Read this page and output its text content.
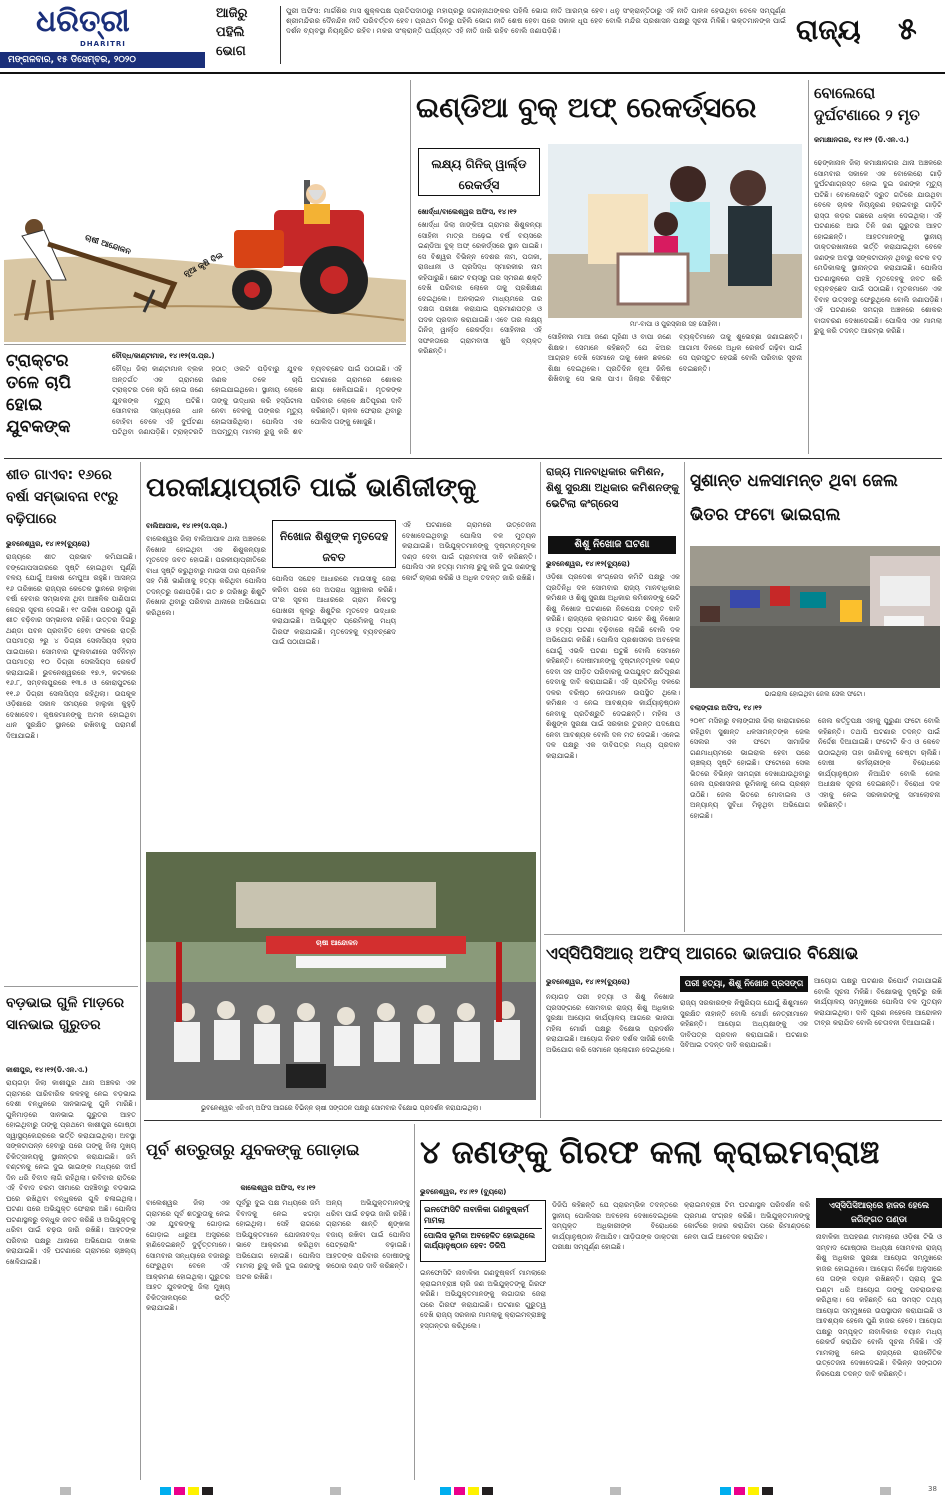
ଧରିତ୍ରୀ
DHARITRI
ମଙ୍ଗଳବାର, ୧୫ ଡିସେମ୍ବର, ୨୦୨୦
ଆଜିରୁ
ପହିଲି
ଭୋଗ
ପୁରୀ ଅଫିସ: ମାର୍ଗଶିର ମାସ ଶୁକ୍ଳପକ୍ଷ ପ୍ରତିପଦାଠାରୁ ମହାପ୍ରଭୁ ଜଗନ୍ନାଥଙ୍କର ପହିଲି ଭୋଗ ନୀତି ଆରମ୍ଭ ହେବ। ଧନୁ ସଂକ୍ରାନ୍ତିଠାରୁ ଏହି ନୀତି ପାଳନ ହେଉଥିବା ବେଳେ ସମ୍ପୂର୍ଣ୍ଣ ଶ୍ରୀମନ୍ଦିରର ଦୈନନ୍ଦିନ ନୀତି ପରିବର୍ତ୍ତନ ହେବ। ପ୍ରଥମ ଦିନରୁ ପହିଲି ଭୋଗ ନୀତି ଶେଷ ହେବା ପରେ ସକାଳ ଧୂପ ହେବ ବୋଲି ମନ୍ଦିର ପ୍ରଶାସନ ପକ୍ଷରୁ ସୂଚନା ମିଳିଛି। ଭକ୍ତମାନଙ୍କ ପାଇଁ ଦର୍ଶନ ବ୍ୟବସ୍ଥା ନିୟନ୍ତ୍ରିତ ରହିବ। ମକର ସଂକ୍ରାନ୍ତି ପର୍ଯ୍ୟନ୍ତ ଏହି ନୀତି ଜାରି ରହିବ ବୋଲି ଜଣାପଡ଼ିଛି।	ରାଜ୍ୟ ୫
ଚାଷୀ ଆନ୍ଦୋଳନ
ନୂଆ କୃଷି ବିଲ
ଟ୍ରାକ୍ଟର ତଳେ ଚାପି ହୋଇ ଯୁବକଙ୍କ
ବୌଦ୍ଧ/କାଣ୍ଟାମାଳ, ୧୪।୧୨(ସ.ପ୍ର.)
ବୌଦ୍ଧ ଜିଲା କାଣ୍ଟାମାଳ ବ୍ଲକ ଅନ୍ତର୍ଗତ ଏକ ଗ୍ରାମରେ ଟ୍ରାକ୍ଟର ତଳେ ଚାପି ହୋଇ ଜଣେ ଯୁବକଙ୍କ ମୃତ୍ୟୁ ଘଟିଛି। ସୋମବାର ସନ୍ଧ୍ୟାରେ ଧାନ ବୋହିବା ବେଳେ ଏହି ଦୁର୍ଘଟଣା ଘଟିଥିବା ଜଣାପଡ଼ିଛି। ଟ୍ରାକ୍ଟରଟି ହଠାତ୍ ଓଲଟି ପଡ଼ିବାରୁ ଯୁବକ ଜଣକ ତଳେ ଚାପି ହୋଇଯାଇଥିଲେ। ସ୍ଥାନୀୟ ଲୋକେ ତାଙ୍କୁ ଉଦ୍ଧାର କରି ହସ୍ପିଟାଲ ନେବା ବେଳକୁ ତାଙ୍କର ମୃତ୍ୟୁ ହୋଇସାରିଥିଲା। ପୋଲିସ ଏକ ଅପମୃତ୍ୟୁ ମାମଲା ରୁଜୁ କରି ଶବ ବ୍ୟବଚ୍ଛେଦ ପାଇଁ ପଠାଇଛି। ଏହି ଘଟଣାରେ ଗ୍ରାମରେ ଶୋକର ଛାୟା ଖେଳିଯାଇଛି। ମୃତକଙ୍କ ପରିବାର ଲୋକେ କ୍ଷତିପୂରଣ ଦାବି କରିଛନ୍ତି। ଚାଳକ ଫେରାର ଥିବାରୁ ପୋଲିସ ତାଙ୍କୁ ଖୋଜୁଛି।
ଇଣ୍ଡିଆ ବୁକ୍ ଅଫ୍ ରେକର୍ଡ୍ସରେ
ଲକ୍ଷ୍ୟ ଗିନିଜ୍ ୱାର୍ଲ୍ଡ ରେକର୍ଡ୍ସ
ଖୋର୍ଦ୍ଧା/ବାଲେଶ୍ୱର ଅଫିସ, ୧୪।୧୨
ଖୋର୍ଦ୍ଧା ଜିଲା ଜାଙ୍କିଆ ଗ୍ରାମର ଶିଶୁକନ୍ୟା ସୋହିନୀ ମାତ୍ର ଅଢ଼େଇ ବର୍ଷ ବୟସରେ ଇଣ୍ଡିଆ ବୁକ୍ ଅଫ୍ ରେକର୍ଡ୍ସରେ ସ୍ଥାନ ପାଇଛି। ସେ ବିଶ୍ୱର ବିଭିନ୍ନ ଦେଶର ନାମ, ପତାକା, ରାଜଧାନୀ ଓ ପ୍ରସିଦ୍ଧ ସ୍ମାରକୀର ନାମ କହିପାରୁଛି। ଛୋଟ ବୟସରୁ ତାର ସ୍ମରଣ ଶକ୍ତି ଦେଖି ପରିବାର ଲୋକେ ତାକୁ ପ୍ରଶିକ୍ଷଣ ଦେଇଥିଲେ। ଅନଲାଇନ ମାଧ୍ୟମରେ ତାର ଦକ୍ଷତା ପରୀକ୍ଷା କରାଯାଇ ପ୍ରମାଣପତ୍ର ଓ ପଦକ ପ୍ରଦାନ କରାଯାଇଛି। ଏବେ ତାର ଲକ୍ଷ୍ୟ ଗିନିଜ୍ ୱାର୍ଲ୍ଡ ରେକର୍ଡ୍ସ। ସୋହିନୀର ଏହି ସଫଳତାରେ ଗ୍ରାମବାସୀ ଖୁସି ବ୍ୟକ୍ତ କରିଛନ୍ତି।
ମା'-ବାପା ଓ ପୁରସ୍କାର ସହ ସୋହିନୀ।
ସୋହିନୀର ମାଆ ଜଣେ ଗୃହିଣୀ ଓ ବାପା ଜଣେ ଶିକ୍ଷକ। ସେମାନେ କହିଛନ୍ତି ଯେ ଝିଅର ଆଗ୍ରହ ଦେଖି ସେମାନେ ତାକୁ ଖେଳ ଛଳରେ ଶିକ୍ଷା ଦେଇଥିଲେ। ପ୍ରତିଦିନ ନୂଆ ଜିନିଷ ଶିଖିବାକୁ ସେ ଭଲ ପାଏ। ଜିଲାର ବିଶିଷ୍ଟ ବ୍ୟକ୍ତିମାନେ ତାକୁ ଶୁଭେଚ୍ଛା ଜଣାଇଛନ୍ତି। ଆଗାମୀ ଦିନରେ ଅଧିକ ରେକର୍ଡ ଗଢ଼ିବା ପାଇଁ ସେ ପ୍ରସ୍ତୁତ ହେଉଛି ବୋଲି ପରିବାର ସୂଚନା ଦେଇଛନ୍ତି।
ବୋଲେରୋ ଦୁର୍ଘଟଣାରେ ୨ ମୃତ
କମାକ୍ଷାନଗର, ୧୪।୧୨ (ଡି.ଏନ.ଏ.)
ଢେଙ୍କାନାଳ ଜିଲା କମାକ୍ଷାନଗର ଥାନା ଅଞ୍ଚଳରେ ସୋମବାର ସକାଳେ ଏକ ବୋଲେରୋ ଗାଡ଼ି ଦୁର୍ଘଟଣାଗ୍ରସ୍ତ ହୋଇ ଦୁଇ ଜଣଙ୍କ ମୃତ୍ୟୁ ଘଟିଛି। ବୋଲେରୋଟି ଦ୍ରୁତ ଗତିରେ ଯାଉଥିବା ବେଳେ ଚାଳକ ନିୟନ୍ତ୍ରଣ ହରାଇବାରୁ ଗାଡ଼ିଟି ରାସ୍ତା କଡ଼ର ଗଛରେ ଧକ୍କା ଦେଇଥିଲା। ଏହି ଘଟଣାରେ ଆଉ ତିନି ଜଣ ଗୁରୁତର ଆହତ ହୋଇଛନ୍ତି। ଆହତମାନଙ୍କୁ ସ୍ଥାନୀୟ ଡାକ୍ତରଖାନାରେ ଭର୍ତ୍ତି କରାଯାଇଥିବା ବେଳେ ଜଣଙ୍କ ଅବସ୍ଥା ସଙ୍କଟାପନ୍ନ ଥିବାରୁ କଟକ ବଡ଼ ମେଡିକାଲକୁ ସ୍ଥାନାନ୍ତର କରାଯାଇଛି। ପୋଲିସ ଘଟଣାସ୍ଥଳରେ ପହଞ୍ଚି ମୃତଦେହକୁ ଜବତ କରି ବ୍ୟବଚ୍ଛେଦ ପାଇଁ ପଠାଇଛି। ମୃତକମାନେ ଏକ ବିବାହ ଉତ୍ସବରୁ ଫେରୁଥିଲେ ବୋଲି ଜଣାପଡ଼ିଛି। ଏହି ଘଟଣାରେ ସମଗ୍ର ଅଞ୍ଚଳରେ ଶୋକର ବାତାବରଣ ଦେଖାଦେଇଛି। ପୋଲିସ ଏକ ମାମଲା ରୁଜୁ କରି ତଦନ୍ତ ଆରମ୍ଭ କରିଛି।
ଶୀତ ଗାଏବ: ୧୬ରେ ବର୍ଷା ସମ୍ଭାବନା ୧୯ରୁ ବଢ଼ିପାରେ
ଭୁବନେଶ୍ୱର, ୧୪।୧୨(ବ୍ୟୁରୋ)
ରାଜ୍ୟରେ ଶୀତ ପ୍ରଭାବ କମିଯାଇଛି। ବଙ୍ଗୋପସାଗରରେ ସୃଷ୍ଟି ହୋଇଥିବା ଘୂର୍ଣ୍ଣି ବଳୟ ଯୋଗୁଁ ଆକାଶ ମେଘୁଆ ରହୁଛି। ଆସନ୍ତା ୧୬ ତାରିଖରେ ରାଜ୍ୟର କେତେକ ସ୍ଥାନରେ ହାଲୁକା ବର୍ଷା ହେବାର ସମ୍ଭାବନା ଥିବା ଆଞ୍ଚଳିକ ପାଣିପାଗ କେନ୍ଦ୍ର ସୂଚନା ଦେଇଛି। ୧୯ ତାରିଖ ପରଠାରୁ ପୁଣି ଶୀତ ବଢ଼ିବାର ସମ୍ଭାବନା ରହିଛି। ଉତ୍ତର ଦିଗରୁ ଥଣ୍ଡା ପବନ ପ୍ରବାହିତ ହେବା ଫଳରେ ରାତ୍ରି ତାପମାତ୍ରା ୨ରୁ ୪ ଡିଗ୍ରୀ ସେଲସିୟସ ହ୍ରାସ ପାଇପାରେ। ସୋମବାର ଫୁଲବାଣୀରେ ସର୍ବନିମ୍ନ ତାପମାତ୍ରା ୧୦ ଡିଗ୍ରୀ ସେଲସିୟସ ରେକର୍ଡ କରାଯାଇଛି। ଭୁବନେଶ୍ୱରରେ ୧୭.୨, କଟକରେ ୧୬.୮, ସମ୍ବଲପୁରରେ ୧୩.୫ ଓ କୋରାପୁଟରେ ୧୧.୬ ଡିଗ୍ରୀ ସେଲସିୟସ ରହିଥିଲା। ଉପକୂଳ ଓଡ଼ିଶାରେ ସକାଳ ସମୟରେ ହାଲୁକା କୁହୁଡ଼ି ଦେଖାଦେବ। କୃଷକମାନଙ୍କୁ ଅମଳ ହୋଇଥିବା ଧାନ ସୁରକ୍ଷିତ ସ୍ଥାନରେ ରଖିବାକୁ ପରାମର୍ଶ ଦିଆଯାଇଛି।
ବଡ଼ଭାଇ ଗୁଳି ମାଡ଼ରେ ସାନଭାଇ ଗୁରୁତର
କାଶୀପୁର, ୧୪।୧୨(ଡି.ଏନ.ଏ.)
ରାୟଗଡ଼ା ଜିଲା କାଶୀପୁର ଥାନା ଅଞ୍ଚଳର ଏକ ଗ୍ରାମରେ ପାରିବାରିକ କଳହକୁ ନେଇ ବଡ଼ଭାଇ ଦେଶୀ ବନ୍ଧୁକରେ ସାନଭାଇକୁ ଗୁଳି ମାରିଛି। ଗୁଳିମାଡ଼ରେ ସାନଭାଇ ଗୁରୁତର ଆହତ ହୋଇଥିବାରୁ ତାଙ୍କୁ ପ୍ରଥମେ କାଶୀପୁର ଗୋଷ୍ଠୀ ସ୍ୱାସ୍ଥ୍ୟକେନ୍ଦ୍ରରେ ଭର୍ତ୍ତି କରାଯାଇଥିଲା। ଅବସ୍ଥା ସଙ୍କଟାପନ୍ନ ହେବାରୁ ପରେ ତାଙ୍କୁ ଜିଲା ମୁଖ୍ୟ ଚିକିତ୍ସାଳୟକୁ ସ୍ଥାନାନ୍ତର କରାଯାଇଛି। ଜମି ବଣ୍ଟନକୁ ନେଇ ଦୁଇ ଭାଇଙ୍କ ମଧ୍ୟରେ ଦୀର୍ଘ ଦିନ ଧରି ବିବାଦ ଲାଗି ରହିଥିଲା। ରବିବାର ରାତିରେ ଏହି ବିବାଦ ଚରମ ସୀମାରେ ପହଞ୍ଚିବାରୁ ବଡ଼ଭାଇ ଘରେ ରଖିଥିବା ବନ୍ଧୁକରେ ଗୁଳି ଚଳାଇଥିଲା। ଘଟଣା ପରେ ଅଭିଯୁକ୍ତ ଫେରାର ଅଛି। ପୋଲିସ ଘଟଣାସ୍ଥଳରୁ ବନ୍ଧୁକ ଜବତ କରିଛି ଓ ଅଭିଯୁକ୍ତକୁ ଧରିବା ପାଇଁ ଚଢ଼ଉ ଜାରି ରଖିଛି। ଆହତଙ୍କ ପରିବାର ପକ୍ଷରୁ ଥାନାରେ ଅଭିଯୋଗ ଦାଖଲ କରାଯାଇଛି। ଏହି ଘଟଣାରେ ଗ୍ରାମରେ ଚାଞ୍ଚଲ୍ୟ ଖେଳିଯାଇଛି।
ପରକୀୟାପ୍ରୀତି ପାଇଁ ଭାଣିଜୀଙ୍କୁ
ବାଲିଆପାଳ, ୧୪।୧୨(ସ.ପ୍ର.)
ବାଲେଶ୍ୱର ଜିଲା ବାଲିଆପାଳ ଥାନା ଅଞ୍ଚଳରେ ନିଖୋଜ ହୋଇଥିବା ଏକ ଶିଶୁକନ୍ୟାର ମୃତଦେହ ଜବତ ହୋଇଛି। ପରକୀୟାପ୍ରୀତିରେ ବାଧା ସୃଷ୍ଟି କରୁଥିବାରୁ ମାଉସୀ ତାର ପ୍ରେମିକ ସହ ମିଶି ଭାଣିଜୀକୁ ହତ୍ୟା କରିଥିବା ପୋଲିସ ତଦନ୍ତରୁ ଜଣାପଡ଼ିଛି। ଗତ ୭ ତାରିଖରୁ ଶିଶୁଟି ନିଖୋଜ ଥିବାରୁ ପରିବାର ଥାନାରେ ଅଭିଯୋଗ କରିଥିଲେ।
ନିଖୋଜ ଶିଶୁଙ୍କ ମୃତଦେହ ଜବତ
ପୋଲିସ ସନ୍ଦେହ ଆଧାରରେ ମାଉସୀକୁ ଜେରା କରିବା ପରେ ସେ ଅପରାଧ ସ୍ୱୀକାର କରିଛି। ତା'ର ସୂଚନା ଆଧାରରେ ଗ୍ରାମ ନିକଟସ୍ଥ ପୋଖରୀ କୂଳରୁ ଶିଶୁଟିର ମୃତଦେହ ଉଦ୍ଧାର କରାଯାଇଛି। ଅଭିଯୁକ୍ତ ପ୍ରେମିକକୁ ମଧ୍ୟ ଗିରଫ କରାଯାଇଛି। ମୃତଦେହକୁ ବ୍ୟବଚ୍ଛେଦ ପାଇଁ ପଠାଯାଇଛି।
ଏହି ଘଟଣାରେ ଗ୍ରାମରେ ଉତ୍ତେଜନା ଦେଖାଦେଇଥିବାରୁ ପୋଲିସ ବଳ ମୁତୟନ କରାଯାଇଛି। ଅଭିଯୁକ୍ତମାନଙ୍କୁ ଦୃଷ୍ଟାନ୍ତମୂଳକ ଦଣ୍ଡ ଦେବା ପାଇଁ ଗ୍ରାମବାସୀ ଦାବି କରିଛନ୍ତି। ପୋଲିସ ଏକ ହତ୍ୟା ମାମଲା ରୁଜୁ କରି ଦୁଇ ଜଣଙ୍କୁ କୋର୍ଟ ଚାଲାଣ କରିଛି ଓ ଅଧିକ ତଦନ୍ତ ଜାରି ରଖିଛି।
ଚାଷୀ ଆନ୍ଦୋଳନ
ଭୁବନେଶ୍ୱର ଏଜିଏମ୍ ଅଫିସ ଆଗରେ ବିଭିନ୍ନ ଚାଷୀ ସଙ୍ଗଠନ ପକ୍ଷରୁ ସୋମବାର ବିକ୍ଷୋଭ ପ୍ରଦର୍ଶନ କରାଯାଇଥିଲା।
ରାଜ୍ୟ ମାନବାଧିକାର କମିଶନ, ଶିଶୁ ସୁରକ୍ଷା ଅଧିକାର କମିଶନଙ୍କୁ ଭେଟିଲା କଂଗ୍ରେସ
ଶିଶୁ ନିଖୋଜ ଘଟଣା
ଭୁବନେଶ୍ୱର, ୧୪।୧୨(ବ୍ୟୁରୋ)
ଓଡ଼ିଶା ପ୍ରଦେଶ କଂଗ୍ରେସ କମିଟି ପକ୍ଷରୁ ଏକ ପ୍ରତିନିଧି ଦଳ ସୋମବାର ରାଜ୍ୟ ମାନବାଧିକାର କମିଶନ ଓ ଶିଶୁ ସୁରକ୍ଷା ଅଧିକାର କମିଶନଙ୍କୁ ଭେଟି ଶିଶୁ ନିଖୋଜ ଘଟଣାରେ ନିରପେକ୍ଷ ତଦନ୍ତ ଦାବି କରିଛି। ରାଜ୍ୟରେ କ୍ରମାଗତ ଭାବେ ଶିଶୁ ନିଖୋଜ ଓ ହତ୍ୟା ଘଟଣା ବଢ଼ିବାରେ ଲାଗିଛି ବୋଲି ଦଳ ଅଭିଯୋଗ କରିଛି। ପୋଲିସ ପ୍ରଶାସନର ଅବହେଳା ଯୋଗୁଁ ଏଭଳି ଘଟଣା ଘଟୁଛି ବୋଲି ସେମାନେ କହିଛନ୍ତି। ଦୋଷୀମାନଙ୍କୁ ଦୃଷ୍ଟାନ୍ତମୂଳକ ଦଣ୍ଡ ଦେବା ସହ ପୀଡ଼ିତ ପରିବାରକୁ ଉପଯୁକ୍ତ କ୍ଷତିପୂରଣ ଦେବାକୁ ଦାବି କରାଯାଇଛି। ଏହି ପ୍ରତିନିଧି ଦଳରେ ଦଳର ବରିଷ୍ଠ ନେତାମାନେ ଉପସ୍ଥିତ ଥିଲେ। କମିଶନ ଏ ନେଇ ଆବଶ୍ୟକ କାର୍ଯ୍ୟାନୁଷ୍ଠାନ ନେବାକୁ ପ୍ରତିଶ୍ରୁତି ଦେଇଛନ୍ତି। ମହିଳା ଓ ଶିଶୁଙ୍କ ସୁରକ୍ଷା ପାଇଁ ସରକାର ତୁରନ୍ତ ପଦକ୍ଷେପ ନେବା ଆବଶ୍ୟକ ବୋଲି ଦଳ ମତ ଦେଇଛି। ଏନେଇ ଦଳ ପକ୍ଷରୁ ଏକ ଦାବିପତ୍ର ମଧ୍ୟ ପ୍ରଦାନ କରାଯାଇଛି।
ସୁଶାନ୍ତ ଧଳସାମନ୍ତ ଥିବା ଜେଲ ଭିତର ଫଟୋ ଭାଇରାଲ
ଭାଇରାଲ ହୋଇଥିବା ଜେଲ ସେଲ ଫଟୋ।
ବଲାଙ୍ଗୀର ଅଫିସ, ୧୪।୧୨
୨୦୧୮ ମସିହାରୁ ବଲାଙ୍ଗୀର ଜିଲା କାରାଗାରରେ ରହିଥିବା ସୁଶାନ୍ତ ଧଳସାମନ୍ତଙ୍କ ଜେଲ ସେଲର ଏକ ଫଟୋ ସାମାଜିକ ଗଣମାଧ୍ୟମରେ ଭାଇରାଲ ହେବା ପରେ ଚାଞ୍ଚଲ୍ୟ ସୃଷ୍ଟି ହୋଇଛି। ଫଟୋରେ ସେଲ ଭିତରେ ବିଭିନ୍ନ ସାମଗ୍ରୀ ଦେଖାଯାଉଥିବାରୁ ଜେଲ ପ୍ରଶାସନର ଭୂମିକାକୁ ନେଇ ପ୍ରଶ୍ନ ଉଠିଛି। ଜେଲ ଭିତରେ ମୋବାଇଲ ଓ ଅନ୍ୟାନ୍ୟ ସୁବିଧା ମିଳୁଥିବା ଅଭିଯୋଗ ହୋଇଛି।
ଜେଲ କର୍ତ୍ତୃପକ୍ଷ ଏହାକୁ ପୁରୁଣା ଫଟୋ ବୋଲି କହିଛନ୍ତି। ତଥାପି ଘଟଣାର ତଦନ୍ତ ପାଇଁ ନିର୍ଦ୍ଦେଶ ଦିଆଯାଇଛି। ଫଟୋଟି କିଏ ଓ କେବେ ଉଠାଇଥିଲା ତାହା ଜାଣିବାକୁ ଚେଷ୍ଟା ଚାଲିଛି। ଦୋଷୀ କର୍ମଚାରୀଙ୍କ ବିରୋଧରେ କାର୍ଯ୍ୟାନୁଷ୍ଠାନ ନିଆଯିବ ବୋଲି ଜେଲ ଅଧୀକ୍ଷକ ସୂଚନା ଦେଇଛନ୍ତି। ବିରୋଧୀ ଦଳ ଏହାକୁ ନେଇ ସରକାରଙ୍କୁ ସମାଲୋଚନା କରିଛନ୍ତି।
ଏସ୍‌ସିପିସିଆର୍ ଅଫିସ୍ ଆଗରେ ଭାଜପାର ବିକ୍ଷୋଭ
ଭୁବନେଶ୍ୱର, ୧୪।୧୨(ବ୍ୟୁରୋ)
ନୟାଗଡ଼ ପରୀ ହତ୍ୟା ଓ ଶିଶୁ ନିଖୋଜ ପ୍ରସଙ୍ଗରେ ସୋମବାର ରାଜ୍ୟ ଶିଶୁ ଅଧିକାର ସୁରକ୍ଷା ଆୟୋଗ କାର୍ଯ୍ୟାଳୟ ଆଗରେ ଭାଜପା ମହିଳା ମୋର୍ଚ୍ଚା ପକ୍ଷରୁ ବିକ୍ଷୋଭ ପ୍ରଦର୍ଶନ କରାଯାଇଛି। ଆୟୋଗ ନିରବ ଦର୍ଶକ ସାଜିଛି ବୋଲି ଅଭିଯୋଗ କରି ସେମାନେ ସ୍ଲୋଗାନ ଦେଇଥିଲେ।
ପରୀ ହତ୍ୟା, ଶିଶୁ ନିଖୋଜ ପ୍ରସଙ୍ଗ
ରାଜ୍ୟ ସରକାରଙ୍କ ନିଷ୍କ୍ରିୟତା ଯୋଗୁଁ ଶିଶୁମାନେ ସୁରକ୍ଷିତ ନାହାନ୍ତି ବୋଲି ମୋର୍ଚ୍ଚା ନେତ୍ରୀମାନେ କହିଛନ୍ତି। ଆୟୋଗ ଅଧ୍ୟକ୍ଷାଙ୍କୁ ଏକ ଦାବିପତ୍ର ପ୍ରଦାନ କରାଯାଇଛି। ଘଟଣାର ସିବିଆଇ ତଦନ୍ତ ଦାବି କରାଯାଇଛି।
ଆୟୋଗ ପକ୍ଷରୁ ଘଟଣାର ରିପୋର୍ଟ ମଗାଯାଇଛି ବୋଲି ସୂଚନା ମିଳିଛି। ବିକ୍ଷୋଭକୁ ଦୃଷ୍ଟିରୁ ରଖି କାର୍ଯ୍ୟାଳୟ ସମ୍ମୁଖରେ ପୋଲିସ ବଳ ମୁତୟନ କରାଯାଇଥିଲା। ଦାବି ପୂରଣ ନହେଲେ ଆନ୍ଦୋଳନ ତୀବ୍ର କରାଯିବ ବୋଲି ଚେତାବନୀ ଦିଆଯାଇଛି।
ପୂର୍ବ ଶତ୍ରୁତାରୁ ଯୁବକଙ୍କୁ ଗୋଡ଼ାଇ
କାଲେଶ୍ୱର ଅଫିସ, ୧୪।୧୨
ବାଲେଶ୍ୱର ଜିଲା ଏକ ଗ୍ରାମରେ ପୂର୍ବ ଶତ୍ରୁତାକୁ ନେଇ ଏକ ଯୁବକଙ୍କୁ ଗୋଡ଼ାଇ ଗୋଡ଼ାଇ ଧାରୁଆ ଅସ୍ତ୍ରରେ ହାଣିଦେଇଛନ୍ତି ଦୁର୍ବୃତ୍ତମାନେ। ସୋମବାର ସନ୍ଧ୍ୟାରେ ବଜାରରୁ ଫେରୁଥିବା ବେଳେ ଏହି ଆକ୍ରମଣ ହୋଇଥିଲା। ଗୁରୁତର ଆହତ ଯୁବକଙ୍କୁ ଜିଲା ମୁଖ୍ୟ ଚିକିତ୍ସାଳୟରେ ଭର୍ତ୍ତି କରାଯାଇଛି।
ପୂର୍ବରୁ ଦୁଇ ପକ୍ଷ ମଧ୍ୟରେ ଜମି ବିବାଦକୁ ନେଇ ଝଗଡ଼ା ହୋଇଥିଲା। ସେହି ରାଗରେ ଅଭିଯୁକ୍ତମାନେ ଯୋଜନାବଦ୍ଧ ଭାବେ ଆକ୍ରମଣ କରିଥିବା ଅଭିଯୋଗ ହୋଇଛି। ପୋଲିସ ମାମଲା ରୁଜୁ କରି ଦୁଇ ଜଣଙ୍କୁ ଅଟକ ରଖିଛି।
ଅନ୍ୟ ଅଭିଯୁକ୍ତମାନଙ୍କୁ ଧରିବା ପାଇଁ ଚଢ଼ଉ ଜାରି ରହିଛି। ଗ୍ରାମରେ ଶାନ୍ତି ଶୃଙ୍ଖଳା ବଜାୟ ରଖିବା ପାଇଁ ପୋଲିସ ପେଟ୍ରୋଲିଂ ବଢ଼ାଇଛି। ଆହତଙ୍କ ପରିବାର ଦୋଷୀଙ୍କୁ କଠୋର ଦଣ୍ଡ ଦାବି କରିଛନ୍ତି।
୪ ଜଣଙ୍କୁ ଗିରଫ କଲା କ୍ରାଇମବ୍ରାଞ୍ଚ
ଭୁବନେଶ୍ୱର, ୧୪।୧୨ (ବ୍ୟୁରୋ)
ଇନଫୋସିଟି ନାବାଳିକା ଗଣଦୁଷ୍କର୍ମ ମାମଲା
ପୋଲିସ ଭୂମିକା ଅବହେଳିତ ହୋଇଥିଲେ କାର୍ଯ୍ୟାନୁଷ୍ଠାନ ହେବ: ଡିଜିପି
ଇନଫୋସିଟି ନାବାଳିକା ଗଣଦୁଷ୍କର୍ମ ମାମଲାରେ କ୍ରାଇମବ୍ରାଞ୍ଚ ଚାରି ଜଣ ଅଭିଯୁକ୍ତଙ୍କୁ ଗିରଫ କରିଛି। ଅଭିଯୁକ୍ତମାନଙ୍କୁ ଲଗାତାର ଜେରା ପରେ ଗିରଫ କରାଯାଇଛି। ଘଟଣାର ଗୁରୁତ୍ୱ ଦେଖି ରାଜ୍ୟ ସରକାର ମାମଲାକୁ କ୍ରାଇମବ୍ରାଞ୍ଚକୁ ହସ୍ତାନ୍ତର କରିଥିଲେ।
ଡିଜିପି କହିଛନ୍ତି ଯେ ପ୍ରାରମ୍ଭିକ ତଦନ୍ତରେ ସ୍ଥାନୀୟ ପୋଲିସର ଅବହେଳା ଦେଖାଦେଇଥିଲେ ସମ୍ପୃକ୍ତ ଅଧିକାରୀଙ୍କ ବିରୋଧରେ କାର୍ଯ୍ୟାନୁଷ୍ଠାନ ନିଆଯିବ। ପୀଡ଼ିତାଙ୍କ ଡାକ୍ତରୀ ପରୀକ୍ଷା ସମ୍ପୂର୍ଣ୍ଣ ହୋଇଛି।
କ୍ରାଇମବ୍ରାଞ୍ଚ ଟିମ ଘଟଣାସ୍ଥଳ ପରିଦର୍ଶନ କରି ପ୍ରମାଣ ସଂଗ୍ରହ କରିଛି। ଅଭିଯୁକ୍ତମାନଙ୍କୁ କୋର୍ଟରେ ହାଜର କରାଯିବା ପରେ ରିମାଣ୍ଡରେ ନେବା ପାଇଁ ଆବେଦନ କରାଯିବ।
ଏସ୍‌ସିପିସିଆର୍‌ରେ ହାଜର ହେଲେ ଜଗିଙ୍ଗତ ପଣ୍ଡା
ନାବାଳିକା ଅପହରଣ ମାମଲାରେ ଓଡ଼ିଶା ଟିଭି ଓ ସମ୍ବାଦ ଗୋଷ୍ଠୀର ଅଧ୍ୟକ୍ଷ ସୋମବାର ରାଜ୍ୟ ଶିଶୁ ଅଧିକାର ସୁରକ୍ଷା ଆୟୋଗ ସମ୍ମୁଖରେ ହାଜର ହୋଇଥିଲେ। ଆୟୋଗ ନିର୍ଦ୍ଦେଶ ଅନୁସାରେ ସେ ତାଙ୍କ ବୟାନ ରଖିଛନ୍ତି। ପ୍ରାୟ ଦୁଇ ଘଣ୍ଟା ଧରି ଆୟୋଗ ତାଙ୍କୁ ପଚରାଉଚରା କରିଥିଲା। ସେ କହିଛନ୍ତି ଯେ ସମସ୍ତ ତଥ୍ୟ ଆୟୋଗ ସମ୍ମୁଖରେ ଉପସ୍ଥାପନ କରାଯାଇଛି ଓ ଆବଶ୍ୟକ ହେଲେ ପୁଣି ହାଜର ହେବେ। ଆୟୋଗ ପକ୍ଷରୁ ସମ୍ପୃକ୍ତ ନାବାଳିକାର ବୟାନ ମଧ୍ୟ ରେକର୍ଡ କରାଯିବ ବୋଲି ସୂଚନା ମିଳିଛି। ଏହି ମାମଲାକୁ ନେଇ ରାଜ୍ୟରେ ରାଜନୈତିକ ଉତ୍ତେଜନା ଦେଖାଦେଇଛି। ବିଭିନ୍ନ ସଙ୍ଗଠନ ନିରପେକ୍ଷ ତଦନ୍ତ ଦାବି କରିଛନ୍ତି।
38
